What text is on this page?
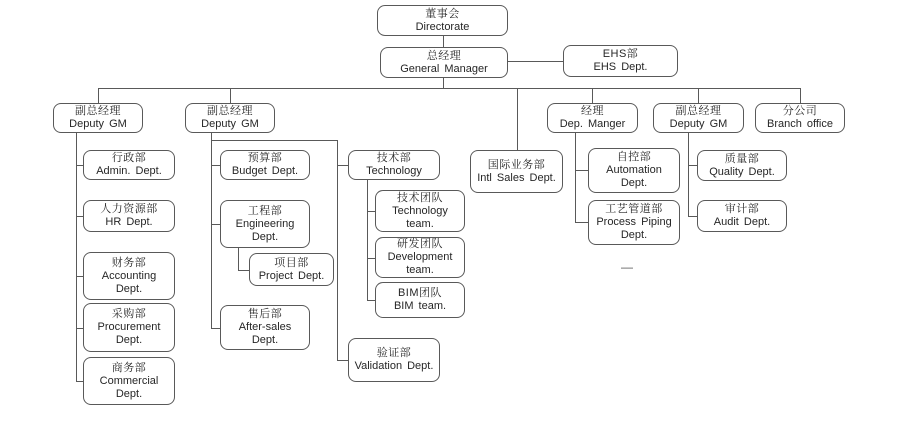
董事会
Directorate
总经理
General Manager
EHS部
EHS Dept.
副总经理
Deputy GM
副总经理
Deputy GM
经理
Dep. Manger
副总经理
Deputy GM
分公司
Branch office
行政部
Admin. Dept.
人力资源部
HR Dept.
财务部
Accounting Dept.
采购部
Procurement Dept.
商务部
Commercial Dept.
预算部
Budget Dept.
工程部
Engineering Dept.
项目部
Project Dept.
售后部
After-sales Dept.
技术部
Technology
技术团队
Technology team.
研发团队
Development team.
BIM团队
BIM team.
验证部
Validation Dept.
国际业务部
Intl Sales Dept.
自控部
Automation Dept.
工艺管道部
Process Piping Dept.
质量部
Quality Dept.
审计部
Audit Dept.
—
